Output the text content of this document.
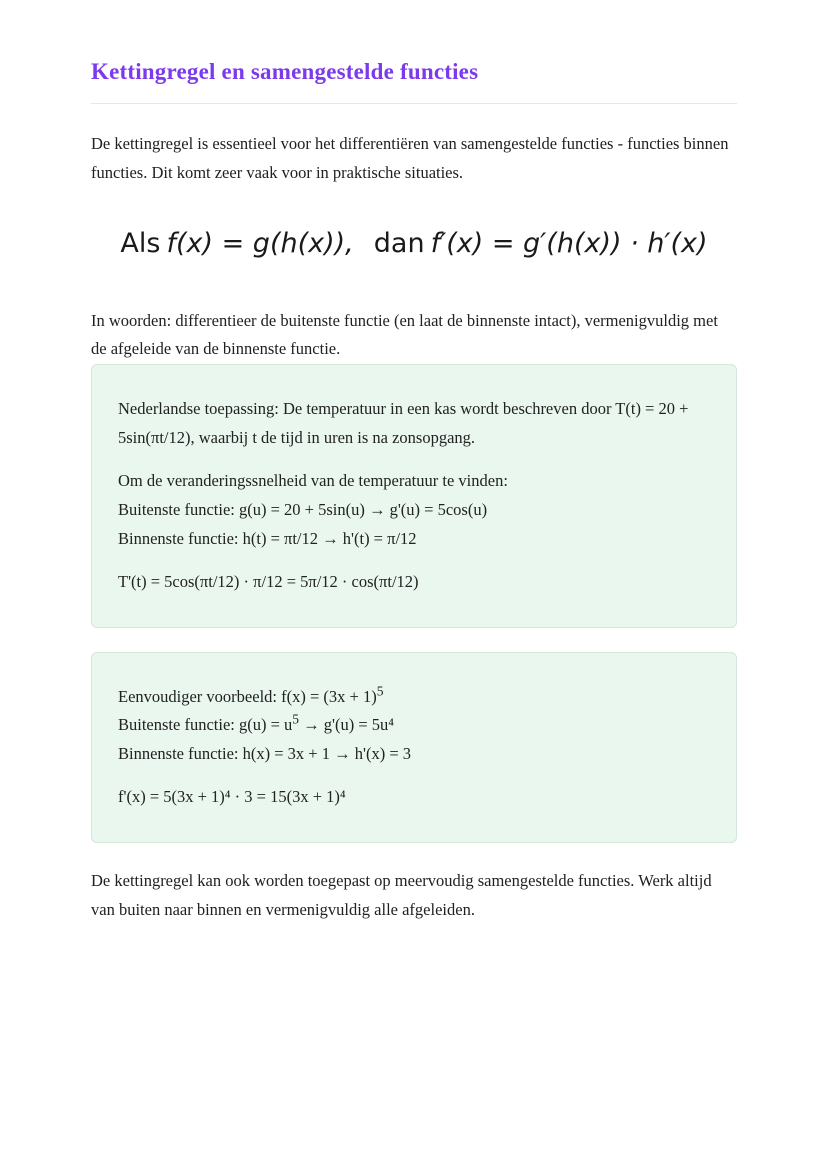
Kettingregel en samengestelde functies

De kettingregel is essentieel voor het differentiëren van samengestelde functies - functies binnen functies. Dit komt zeer vaak voor in praktische situaties.

Als f(x) = g(h(x)), dan f′(x) = g′(h(x)) · h′(x)

In woorden: differentieer de buitenste functie (en laat de binnenste intact), vermenigvuldig met de afgeleide van de binnenste functie.

Nederlandse toepassing: De temperatuur in een kas wordt beschreven door T(t) = 20 + 5sin(πt/12), waarbij t de tijd in uren is na zonsopgang.

Om de veranderingssnelheid van de temperatuur te vinden:
Buitenste functie: g(u) = 20 + 5sin(u) → g'(u) = 5cos(u)
Binnenste functie: h(t) = πt/12 → h'(t) = π/12

T'(t) = 5cos(πt/12) · π/12 = 5π/12 · cos(πt/12)

Eenvoudiger voorbeeld: $f(x) = (3x + 1)^5$
Buitenste functie: $g(u) = u^5 \to g'(u) = 5u^4$
Binnenste functie: h(x) = 3x + 1 → h'(x) = 3

f'(x) = 5(3x + 1)⁴ · 3 = 15(3x + 1)⁴

De kettingregel kan ook worden toegepast op meervoudig samengestelde functies. Werk altijd van buiten naar binnen en vermenigvuldig alle afgeleiden.
